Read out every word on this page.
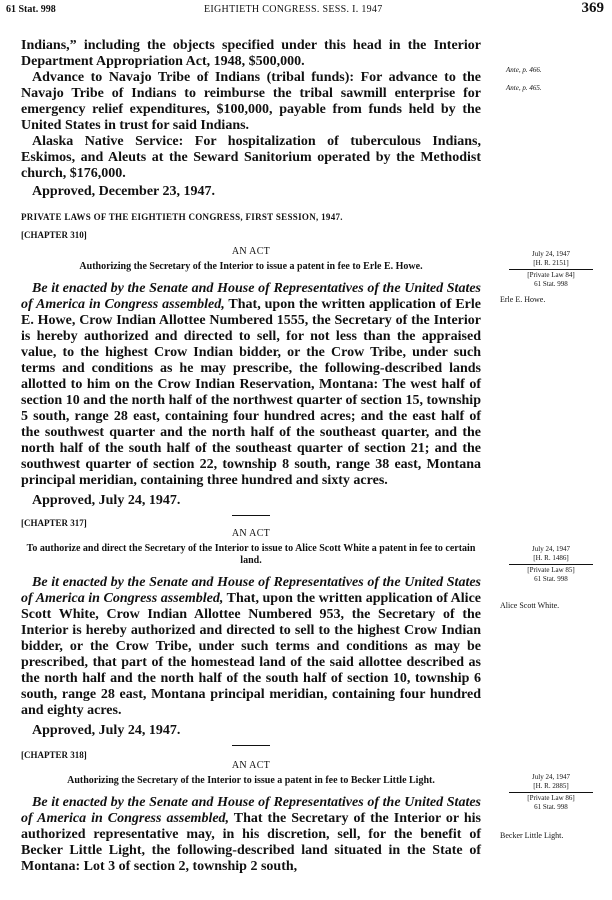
61 Stat. 998	EIGHTIETH CONGRESS. SESS. I. 1947	369
Ante, p. 466.
Ante, p. 465.
July 24, 1947
[H. R. 2151]
[Private Law 84]
61 Stat. 998
Erle E. Howe.
July 24, 1947
[H. R. 1486]
[Private Law 85]
61 Stat. 998
Alice Scott White.
July 24, 1947
[H. R. 2885]
[Private Law 86]
61 Stat. 998
Becker Little Light.

Indians,” including the objects specified under this head in the Interior Department Appropriation Act, 1948, $500,000.

Advance to Navajo Tribe of Indians (tribal funds): For advance to the Navajo Tribe of Indians to reimburse the tribal sawmill enterprise for emergency relief expenditures, $100,000, payable from funds held by the United States in trust for said Indians.

Alaska Native Service: For hospitalization of tuberculous Indians, Eskimos, and Aleuts at the Seward Sanitorium operated by the Methodist church, $176,000.

Approved, December 23, 1947.

PRIVATE LAWS OF THE EIGHTIETH CONGRESS, FIRST SESSION, 1947.
[CHAPTER 310]
AN ACT
Authorizing the Secretary of the Interior to issue a patent in fee to Erle E. Howe.

Be it enacted by the Senate and House of Representatives of the United States of America in Congress assembled, That, upon the written application of Erle E. Howe, Crow Indian Allottee Numbered 1555, the Secretary of the Interior is hereby authorized and directed to sell, for not less than the appraised value, to the highest Crow Indian bidder, or the Crow Tribe, under such terms and conditions as he may prescribe, the following-described lands allotted to him on the Crow Indian Reservation, Montana: The west half of section 10 and the north half of the northwest quarter of section 15, township 5 south, range 28 east, containing four hundred acres; and the east half of the southwest quarter and the north half of the southeast quarter, and the north half of the south half of the southeast quarter of section 21; and the southwest quarter of section 22, township 8 south, range 38 east, Montana principal meridian, containing three hundred and sixty acres.

Approved, July 24, 1947.

[CHAPTER 317]
AN ACT
To authorize and direct the Secretary of the Interior to issue to Alice Scott White a patent in fee to certain land.

Be it enacted by the Senate and House of Representatives of the United States of America in Congress assembled, That, upon the written application of Alice Scott White, Crow Indian Allottee Numbered 953, the Secretary of the Interior is hereby authorized and directed to sell to the highest Crow Indian bidder, or the Crow Tribe, under such terms and conditions as may be prescribed, that part of the homestead land of the said allottee described as the north half and the north half of the south half of section 10, township 6 south, range 28 east, Montana principal meridian, containing four hundred and eighty acres.

Approved, July 24, 1947.

[CHAPTER 318]
AN ACT
Authorizing the Secretary of the Interior to issue a patent in fee to Becker Little Light.

Be it enacted by the Senate and House of Representatives of the United States of America in Congress assembled, That the Secretary of the Interior or his authorized representative may, in his discretion, sell, for the benefit of Becker Little Light, the following-described land situated in the State of Montana: Lot 3 of section 2, township 2 south,
